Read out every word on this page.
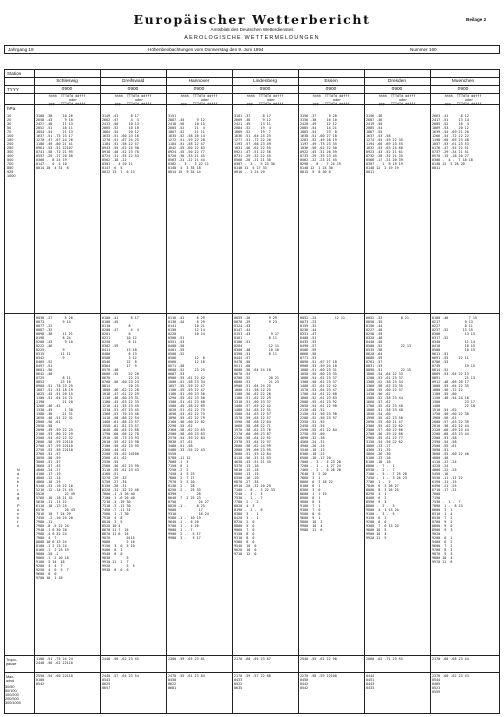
Europäischer Wetterbericht
Amtsblatt des Deutschen Wetterdienstes
AEROLOGISCHE WETTERMELDUNGEN
Beilage 2
Jahrgang 19	Höhenbeobachtungen vom Donnerstag den 9. Juni 1994	Nummer 160
Station
TYYY
hPa
10
20
30
50
70
100
150
200
250
300
400
500
700
850
925
1000
N
a
c
h
t
r
a
g

P
u
n
k
t
e
Tropo-
pause
Max-
wind
30/50
50/100
100/200
200/300
300/1000
Schleswig
0900
hhhh  TTTdTd ddfff
oder
ppp   TTTdTd ddfff
3188 -38     10 26
2658 -43      9 10
2427 -48     11 13
2052 -51     18 11
1854 -54     21 13
1637 -51 -75 23 17
1270 -47 -67 24 26
1180 -49 -80 21 41
0961 -53 -51 22107
0741 -58 -72 21 95
0557 -29 -27 20 58
0300 -  8 24 19
0147 -  0  5 10
0014 10  4 31  6
0038 -27      5 26
0071         9 14
0077 -22
0087 -32
0098 -38     11 21
0198         8 24
0200 -43      9 10
0222 -46
0225         9
0315        11 11
0342         9
0405 -52
0497 -51
0601 -56
0642 -48
0725         8 11
0853        23 16
0900 -51 -78 23 25
1007 -51 -51 18 19
1025 -45 -51 20 15
1100 -51 -64 24 21
1190         21 20
1260 -46 -41
1330 -45      1 30
1380 -38     21 31
1650 -48 -51 22 31
2000 -56 -61
2050 -58
2090 -49 -59 22 25
2100 -53 -80 22 29
2500 -54 -62 22 32
2600 -56 -59 22110
2700 -57 -59 22110
2750 -53 -58 22110
2780 -51 -57
3050 -50 -59
3000 -51 -57
3660 -57 -43
4000 -24 -27
4100 -17 -19
4800 -12 -14
4860 -16 -25
5140 -33 -16 22 16
5210 -12 -14 21 45
5520          22 49
5760 -16 -18 21 41
5630 -11 -11 22
6110 -18 -13 25
6570          20 43
7010  10  7 24 29
7450  -2 -10 25 28
7980 -11
7980 -8 -5 22 24
7940 -1 6 30 28
7980 -4 6 32 24
7980  4  7
8080 10 6 13 24
8100 -1 2 13 24
8160 -1  2 23 19
9000 -20 -1
9060 -1  2 20 18
9100  5 14  18
9200  4  4  7
9250  4  0  5  7
9600  8  0
9700 10  1 18
1100 -51 -75 24 24
2440 -56 -62 22110
2550 -54 -60 22110
0100
0542
Greifswald
0900
hhhh  TTTdTd ddfff
oder
ppp   TTTdTd ddfff
3149 -41      8 17
2662 -47      4  4
2413 -50     10 13
2065 -52     10 10
1864 -54     20 12
1633 -51 -60 23 16
1270 -51 -67 24 25
1184 -51 -58 22 47
0943 -55 -62 24 98
0918 -48 -52 23 78
0724 -31 -55 22 53
0562 -18 -22
0301 -  4 20 11
0147  6  5
0012 13  7  6 13
0100 -41      8 17
0108 -45
0110         8
0200 -47      4  4
0201         6
0221        10 12
0250         6 11
0302 -59
0411        13 18
0480         6 13
0508         3 12
0546        22  8
0564        17  9
0570 -48
0600 -55     22 20
0670         22 23
0700 -56 -60 23 24
0814         20 25
1000 -46 -62 22 28
1018 -47 -61 22 29
1130 -48 -60 23 31
1180 -43 -63 22 33
1210 -41 -55 23 45
1310 -51 -67 23 45
1360 -53 -70 23 48
1410 -58 -86 22 54
1460 -61 -88 23 57
1550 -61 -81 23 57
1640 -60 -65 22 68
1790 -60 -66 22 78
1910 -56 -73 23 93
2010 -55 -62 23 98
2100 -50 -62 23 95
2160 -44 -61
2200 -55 -62 24100
2360 -61 -62
2530 -55
2560 -56 -62 23 95
3110 -55 -61 23 43
4160 -51
5270 -29 -32
5750 -27 -34
6150 -28 -31
6320 -31 -32 22 46
7000 -1 -5 26 40
7100  1 -6 26 40
7210 -3 -19 30
7310 -3 -12 30
7450 -7 -11 31
7560  1 -7 30
7910  4  8
8010  3  5
8520 10 4
8670 11 7  24
8870 11 6  24
9070        0115
9080        5 16
9150  3  0  5 10
9400  6  1
9540  8  0
9630        5
9910 11  1  7
9920        5  5
9930  8  0  6
2440 -56 -62 23 45
2440 -57 -64 23 54
0543
0625
0657
Hannover
0900
hhhh  TTTdTd ddfff
oder
ppp   TTTdTd ddfff
3151
2887 -45      9 12
2418 -50     10 15
2085 -52     21  4
1867 -52     21 11
1635 -52 -58 26 14
1272 -51 -59 22 28
1184 -51 -58 22 47
1042 -55 -60 22 83
0924 -45 -50 22 77
0720 -30 -33 21 45
0563 -21 -22 21 44
0302 -  3 -  3 22 11
0148  4  3 35 18
0014 15  9 34 14
0116 -41      8 29
0130 -44      6 29
0141         10 21
0150         12 14
0220         10 24
0300 -51
0351 -53
0400 -50
0401 -55
0500 -52
0506         12  8
0560         12 18
0571 -58
0600 -52     23 25
0687 -53
0900 -55 -61 22 42
1000 -52 -58 23 34
1057 -55 -59 22 47
1100 -55 -59 22 47
1180 -51 -60 23 56
1290 -55 -62 23 58
1300 -51 -61 23 60
1580 -45 -58 22 69
1620 -51 -62 22 75
1658 -53 -62 22 75
1890 -55 -62 22 79
2160 -56 -60 22 82
2290 -55 -62
2360 -58 -62 23 83
2500 -58 -60 23 83
2570 -54 -59 22 84
3030 -57 -61
3480 -51 -58
5480 -33 -55 22 43
5550
5780 -11 12
7000 -1  3
7150  0  1
7250 -2  2
7450  4  3 23
7800  2  7 27
7970  5  3 20
8130  2 -  28
8250  2 -  25 33
8390          28
8640  7  2 25 23
8750           24 27
8820 -1 -     8 25
9000           17
9310           16 24
9580 -1 -  10 19
9640 -1 -  6 20
9700  1 -  4 20
9800  1 -  7
9900  2 -   5 17
9980  3 -   5 17
2300 -59 -65 23 81
2470 -55 -61 23 84
0450
0622
0681
Lindenberg
0900
hhhh  TTTdTd ddfff
oder
ppp   TTTdTd ddfff
3181 -37      8 17
2669 -46      9 12
2421 -49     13 11
2084 -52     19  4
1869 -52     19  7
1636 -51 -64 24 25
1277 -51 -72 22 26
1193 -57 -68 23 49
1031 -56 -62 22 55
0921 -47 -51 22 56
0731 -29 -32 22 45
0568 -20 -21 21 30
0307 -  3 -  5 23 30
0148 11  5 17 33
0016 -  1 24 29
0055 -26         9 29
0070 -29         9 23
0124 -43
0147 -44
0151 -43          9 17
0161             8 11
0186 -51
0284             12 11
0300 -48         10 10
0390 -51         8 11
0444 -57
0478 -58
0511 -60
0600 -58 -64 24 18
0670 -54
0700 -52         20 21
0800 -51         21 23
0900 -51 -64 24 25
1000 -51 -58 22 25
1100 -50 -62 22 26
1180 -51 -62 22 29
1310 -51 -60 23 37
1400 -57 -65 22 42
1480 -54 -65 22 51
1500 -54 -63 22 57
1570 -59 -65 22 57
1590 -58 -68 22 64
1660 -58 -68 22 71
1970 -58 -62 23 76
2170 -60 -66 23 87
2250 -58 -64 22 91
2370 -53 -64 22 97
2600 -58 -62 24 99
2800 -59 -66 23 95
3680 -51 -53 22 84
4110 -56 -51 21 63
4630 -43 -51 21 45
5370 -13 -16
5610 -15 -18
5800 -13 -15
6350 -16 -20
6870 -27 -35
6910 -20 -32 20 29
7100 -  8 -  3 22 33
7240 -  4 -  5
7530 -  1 -  7
7780  2 -  2
8020  4  3
8190 -  1 -  6
8380  3 -  1
8420  3 -  1
8720  2  0
8880  5  0
9060  7  0
9150  8  0
9310  8  0
9380  8  0
9540  10  0
9620  10  0
9710  12  0
2170 -60 -65 23 87
2170 -59 -57 22 88
0433
0522
0635
Essen
0900
hhhh  TTTdTd ddfff
oder
ppp   TTTdTd ddfff
3156 -37      9 28
3156 -38     16 10
2420 -49     12 12
2085 -54     14 21
1865 -54     23  8
1638 -51 -60 27 18
1263 -52 -49 28 19
1197 -49 -73 23 35
1036 -56 -62 22 50
0922 -45 -51 26 59
0733 -29 -33 23 45
0562 -22 -23 21 45
0298 -  8 -  7 24 19
0148 12  1 24 30
0015  9  8 30 6
0052 -24         12 11
0073 -23
0159 -32
0236 -44
0331 -47
0400 -51
0435 -53
0490 -57
0586 -59
0666 -56
0771 -53
0890 -51 -67 27 18
0900 -53 -59 24 18
1000 -51 -60 23 31
1050 -55 -60 23 35
1080 -54 -62 23 37
1300 -50 -62 23 37
1400 -52 -61 22 42
1570 -53 -64 23 47
1700 -54 -61 22 68
1800 -52 -61 23 83
2000 -55 -61 23 92
2050 -54 -61 22 98
2130 -45 -52
2150 -51 -56 23 98
2200 -52 -56 23 97
2350 -51 -55
2450 -53 -55
2590 -55 -61 22 84
2750 -55 -60
4090 -32 -38
4560 -24 -31
4900 -20 -25
5540 -10 -13
6300 -18 -22
6500 -10 -17 20
7000 -  3 -  4 23 28
7200 -  1 -  4 27 24
7460 -  2 -  6 28 28
7640  3  2 20
7860  3  1
8060  6  3 18 22
8100  6  1
8360  3  0
8600  1  1 19
8900  8  1
9000  8  3
9100  7  1
9300  7  0
9500  8  0
9600  9  1
9800  10  2
9900  10  4
9980  11  6
2540 -55 -61 22 98
2270 -58 -59 22100
0450
0442
0542
Dresden
0900
hhhh  TTTdTd ddfff
oder
ppp   TTTdTd ddfff
3156 -36
2687 -46
2419 -50
2085 -54
1867 -55
1637 -53 -58
1274 -55 -59 22 35
1194 -60 -69 23 55
1032 -53 -63 24 66
0923 -43 -52 21 61
0732 -28 -32 21 35
0566 -17 -21 20 39
0307 -  1  8 19 19
0148 12  2 19 19
0011
0052 -33         8 21
0058 -35
0156 -44
0227 -48
0258 -49
0320 -48
0440 -50
0500 -52         22 13
0535 -58
0620 -64
0680 -59
0761 -57
0831 -53
0890 -51         22 15
1000 -54 -64 22 33
1200 -51 -61 23 37
1300 -52 -58 23 34
1360 -58 -63 23 35
1400 -55 -60 22 37
1430 -56 -62
1580 -52 -58 23 44
1660 -57 -62
1700 -55 -62 23 48
1800 -51 -58 23 48
1850 -54 -60
1990 -55 -62 23 58
2090 -53 -60 21 47
2300 -55 -62 22 62
2500 -57 -60 22 66
2700 -56 -59 22 66
2960 -55 -61 22 77
3150 -54 -56 22 62
4000 -23 -27
4360 -31 -35
4860 -26 -30
5100 -23 -26
6100 -18 -18
6800 -  7 -  1
6930 -  2 -  7
7100 -  5 -  7 25 28
7450 -  1 -  3 26 23
7700  1 -  2
7840  6  3 28 27
8000  8  3 26 25
8290  4  1
8400  6  2
8590  9  3
8800 -  2 -  3
9000  4  1 13 24
9100 -  3 -  5
9150  6  1
9200  6  0
9300  7  0 13 24
9800 10  5
9900 10  4
9920 11  5
2060 -62 -71 23 55
0444
0451
0443
0433
Muenchen
0900
hhhh  TTTdTd ddfff
oder
ppp   TTTdTd ddfff
2663 -41      8 12
2417 -51     13 14
2085 -52     16  4
1869 -53     20 12
1639 -54 -69 21 20
1266 -54 -72 22 22
1198 -60 -65 23 48
1057 -53 -61 23 53
0176 -47 -55 22 51
0737 -29 -34 21 51
0570 -15 -18 20 27
0308 -  4 -  7 18 18
0148 12  5 28 20
0011
0180 -46          7 15
0217            9 13
0227            8 11
0237 -52       13 15
0300            13 15
0317 -52
0340            11 14
0410            10 15
0500            10 15
0611 -51
0691 -55     22 11
0706 -53
0749            19 15
0814 -52
0869 -53 -64 22 13
0891            21 13
0912 -48 -66 26 17
1000 -55 -64 22 35
1080 -56 -72 22
1100 -55 -60
1150 -48 -54 24 16
1300            23 17
1400            22 18
1510 -54 -62
1750 -56 -60 22 30
1960 -56 -61
2000 -57 -63 22 39
2010 -58 -62 22 44
2120 -60 -69 23 44
2200 -60 -63 23 44
2300 -53 -58
2390 -54 -58
2500 -55 -61
3090 -51
3600 -55 -60 22 40
4000 -48
4110 -22 -24
4220 -24
4800 -22 -25
5450 -16
5530 -11 -11 22
6190 -11 -15
6490 -21 -25
6710 -17 -21
7000
7190
7530 -  1 -  7
7890  1 -  8 23
8000  3  1
8310  1  4
8530  7  2
8700  9  2
8800  9  0
8900  9  3
9020
9200  6  1
9400  6  2
9600  7  2
9700  8  3
9870  9  3
9880 10  4
9970 11  6
2170 -60 -68 23 44
2370 -60 -62 23 43
0544
0485
0521
0559
